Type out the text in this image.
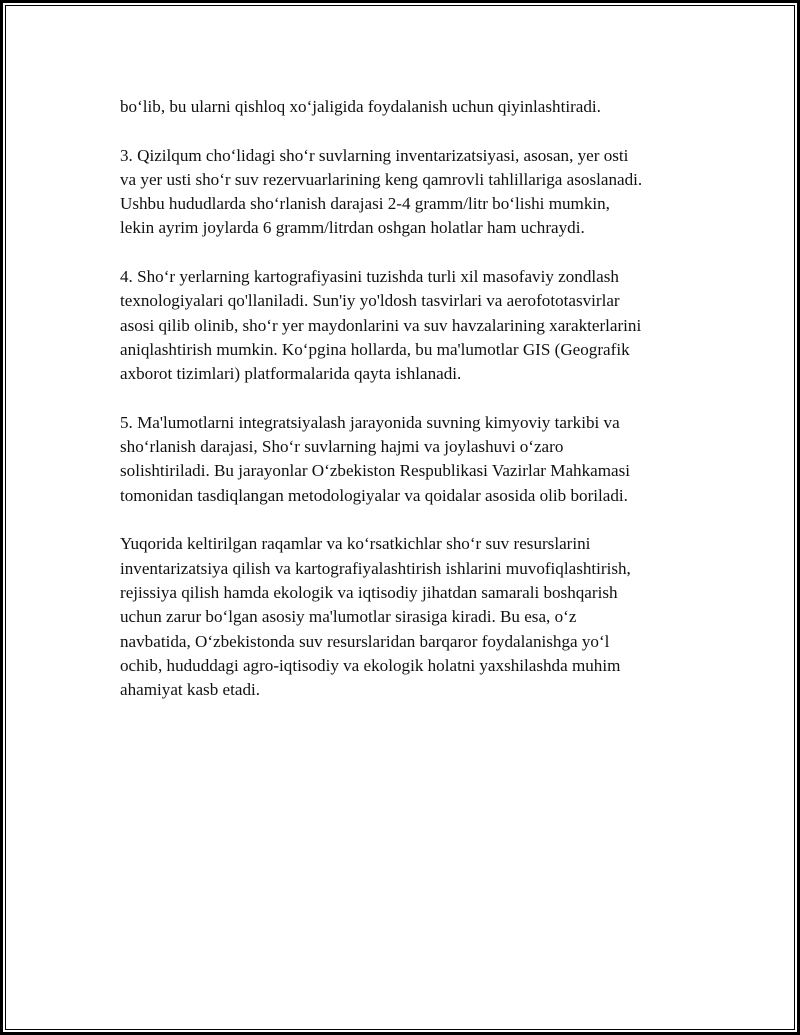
bo‘lib, bu ularni qishloq xo‘jaligida foydalanish uchun qiyinlashtiradi.

3. Qizilqum cho‘lidagi sho‘r suvlarning inventarizatsiyasi, asosan, yer osti
va yer usti sho‘r suv rezervuarlarining keng qamrovli tahlillariga asoslanadi.
Ushbu hududlarda sho‘rlanish darajasi 2-4 gramm/litr bo‘lishi mumkin,
lekin ayrim joylarda 6 gramm/litrdan oshgan holatlar ham uchraydi.

4. Sho‘r yerlarning kartografiyasini tuzishda turli xil masofaviy zondlash
texnologiyalari qo'llaniladi. Sun'iy yo'ldosh tasvirlari va aerofototasvirlar
asosi qilib olinib, sho‘r yer maydonlarini va suv havzalarining xarakterlarini
aniqlashtirish mumkin. Ko‘pgina hollarda, bu ma'lumotlar GIS (Geografik
axborot tizimlari) platformalarida qayta ishlanadi.

5. Ma'lumotlarni integratsiyalash jarayonida suvning kimyoviy tarkibi va
sho‘rlanish darajasi, Sho‘r suvlarning hajmi va joylashuvi o‘zaro
solishtiriladi. Bu jarayonlar O‘zbekiston Respublikasi Vazirlar Mahkamasi
tomonidan tasdiqlangan metodologiyalar va qoidalar asosida olib boriladi.

Yuqorida keltirilgan raqamlar va ko‘rsatkichlar sho‘r suv resurslarini
inventarizatsiya qilish va kartografiyalashtirish ishlarini muvofiqlashtirish,
rejissiya qilish hamda ekologik va iqtisodiy jihatdan samarali boshqarish
uchun zarur bo‘lgan asosiy ma'lumotlar sirasiga kiradi. Bu esa, o‘z
navbatida, O‘zbekistonda suv resurslaridan barqaror foydalanishga yo‘l
ochib, hududdagi agro-iqtisodiy va ekologik holatni yaxshilashda muhim
ahamiyat kasb etadi.
